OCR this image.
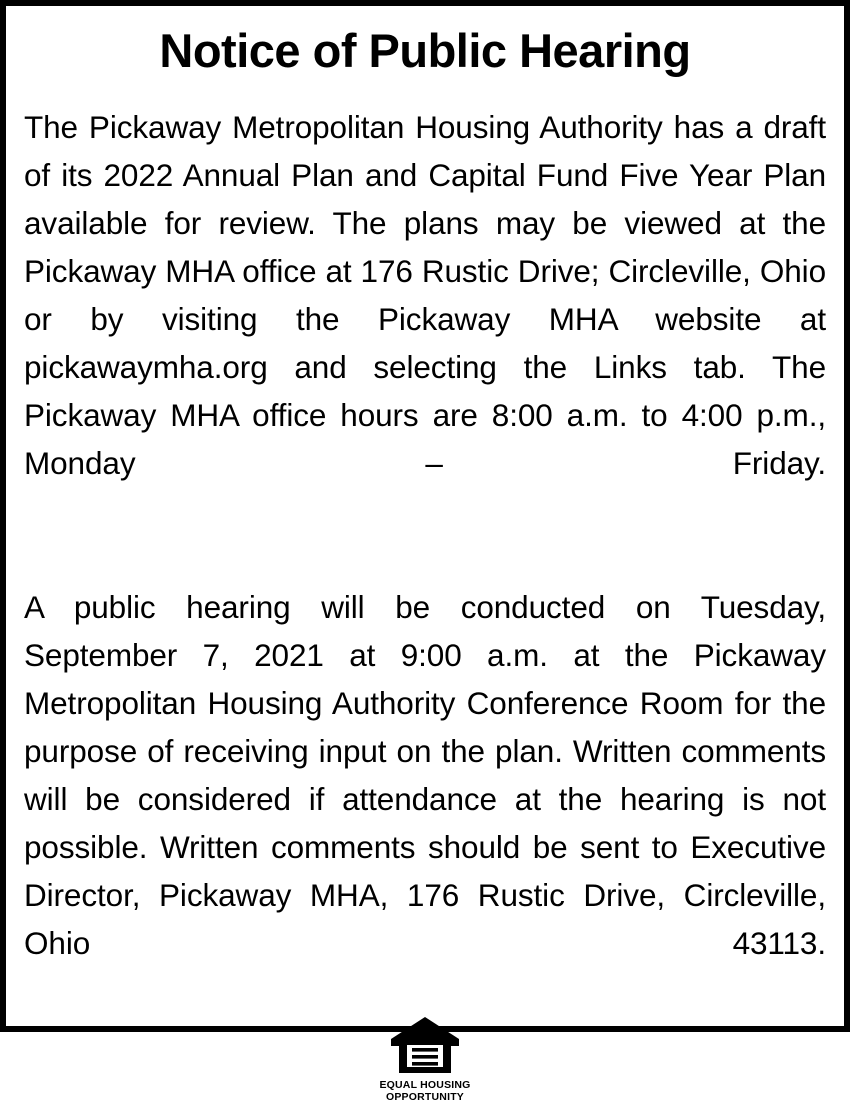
Notice of Public Hearing

The Pickaway Metropolitan Housing Authority has a draft of its 2022 Annual Plan and Capital Fund Five Year Plan available for review. The plans may be viewed at the Pickaway MHA office at 176 Rustic Drive; Circleville, Ohio or by visiting the Pickaway MHA website at pickawaymha.org and selecting the Links tab. The Pickaway MHA office hours are 8:00 a.m. to 4:00 p.m., Monday – Friday.

A public hearing will be conducted on Tuesday, September 7, 2021 at 9:00 a.m. at the Pickaway Metropolitan Housing Authority Conference Room for the purpose of receiving input on the plan. Written comments will be considered if attendance at the hearing is not possible. Written comments should be sent to Executive Director, Pickaway MHA, 176 Rustic Drive, Circleville, Ohio 43113.

EQUAL HOUSING
OPPORTUNITY
